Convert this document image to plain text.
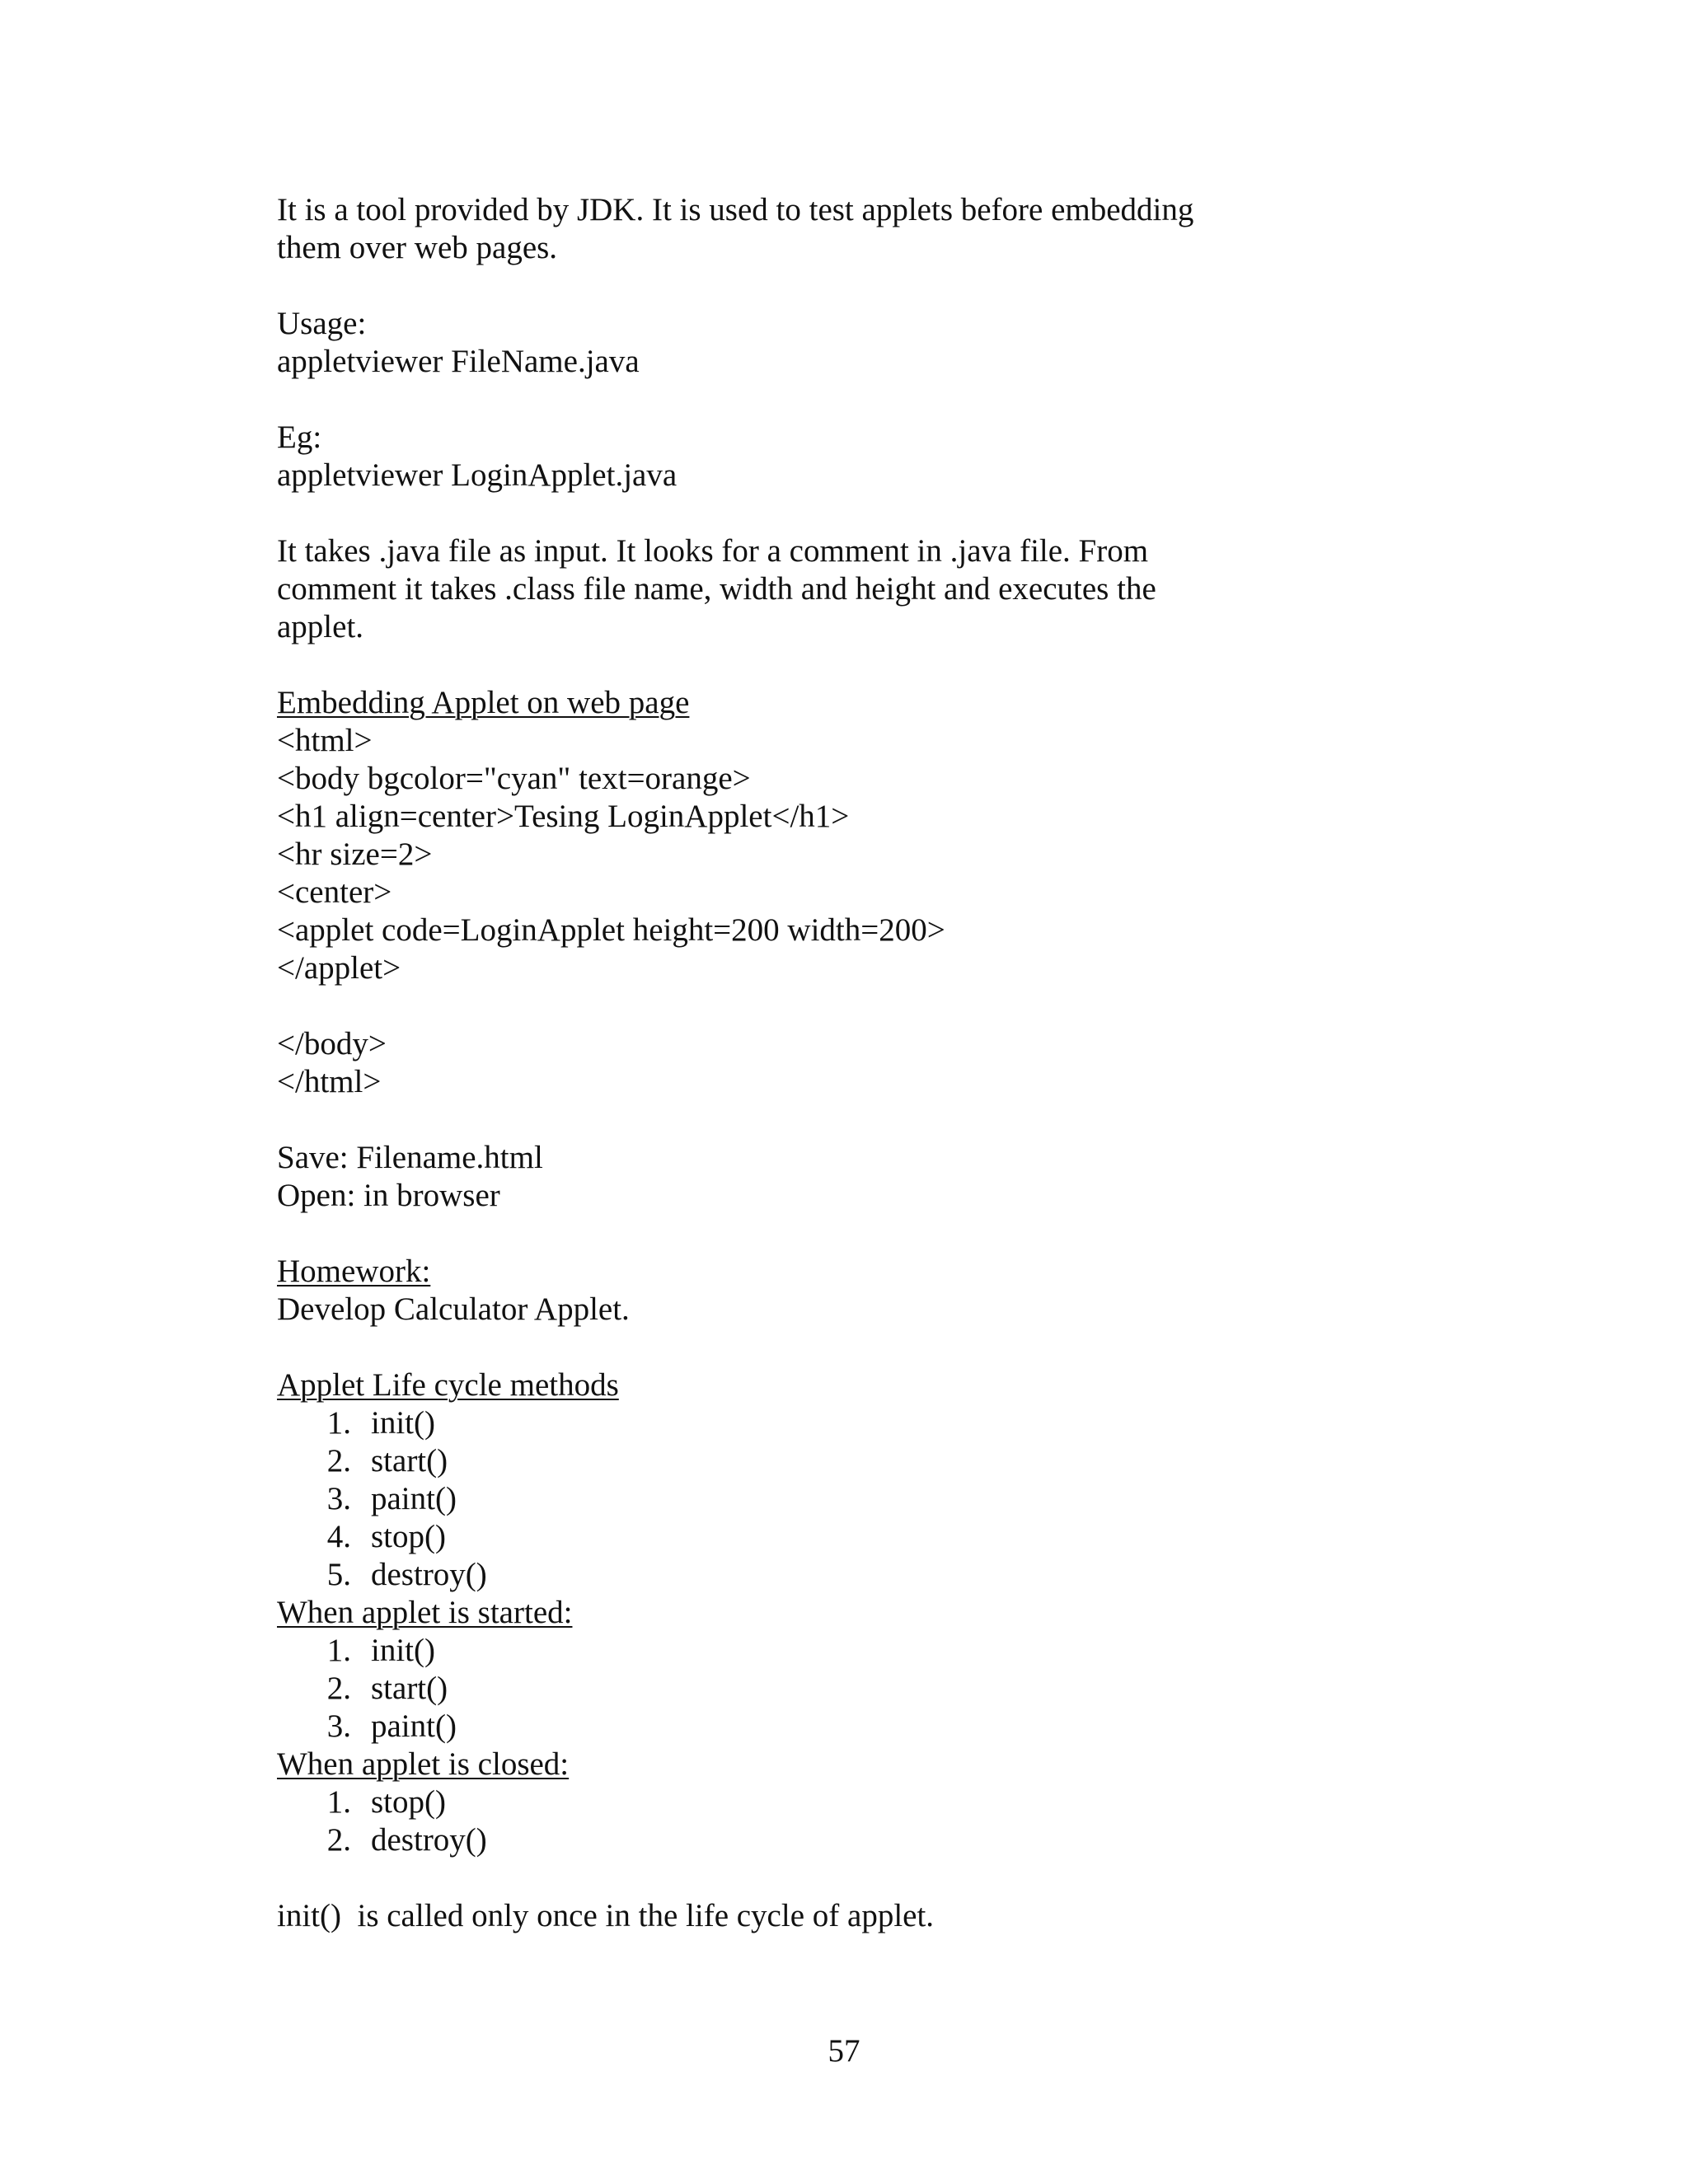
It is a tool provided by JDK. It is used to test applets before embedding
them over web pages.
Usage:
appletviewer FileName.java
Eg:
appletviewer LoginApplet.java
It takes .java file as input. It looks for a comment in .java file. From
comment it takes .class file name, width and height and executes the
applet.
Embedding Applet on web page
<html>
<body bgcolor="cyan" text=orange>
<h1 align=center>Tesing LoginApplet</h1>
<hr size=2>
<center>
<applet code=LoginApplet height=200 width=200>
</applet>
</body>
</html>
Save: Filename.html
Open: in browser
Homework:
Develop Calculator Applet.
Applet Life cycle methods
1. init()
2. start()
3. paint()
4. stop()
5. destroy()
When applet is started:
1. init()
2. start()
3. paint()
When applet is closed:
1. stop()
2. destroy()
init()  is called only once in the life cycle of applet.
57
